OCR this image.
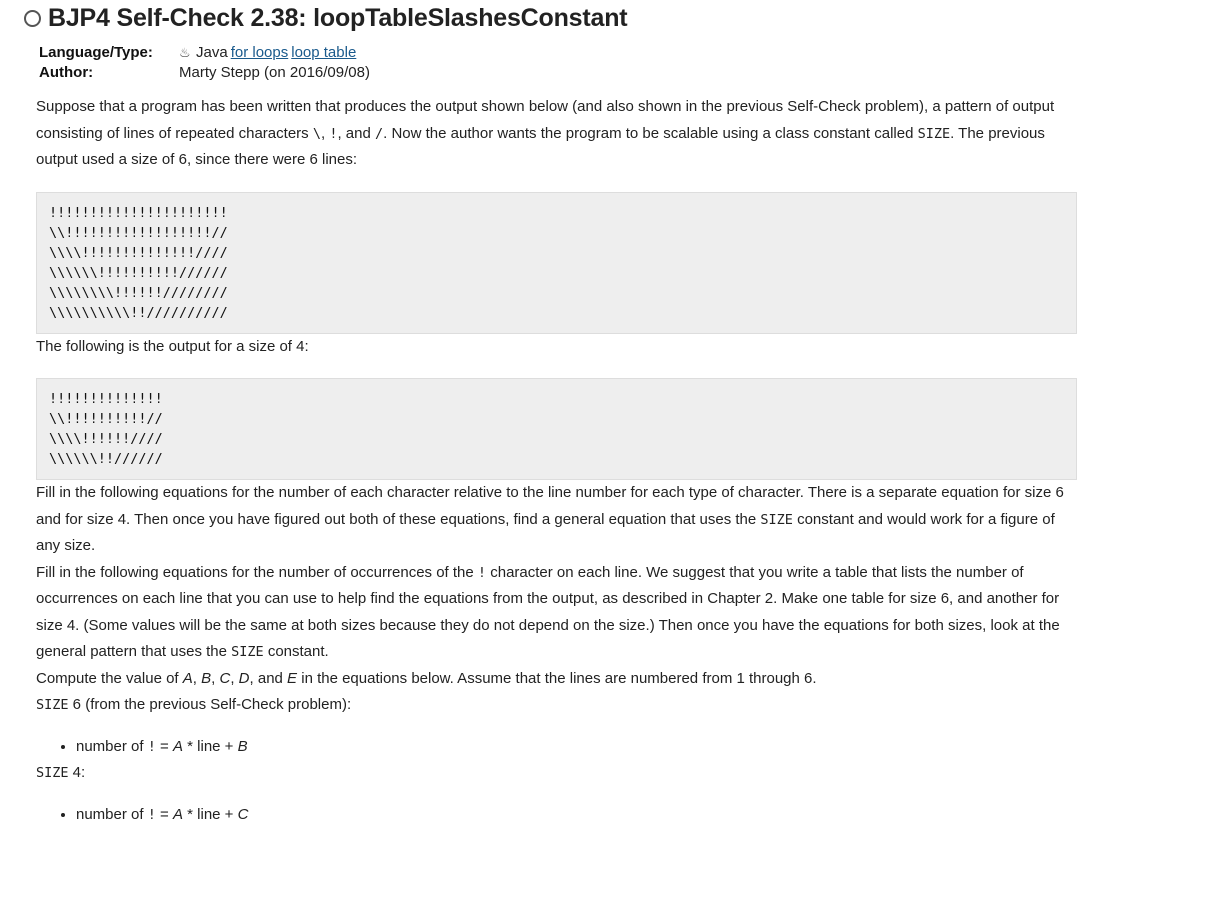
BJP4 Self-Check 2.38: loopTableSlashesConstant
Language/Type:	♨ Java for loops loop table
Author:	Marty Stepp (on 2016/09/08)

Suppose that a program has been written that produces the output shown below (and also shown in the previous Self-Check problem), a pattern of output consisting of lines of repeated characters \, !, and /. Now the author wants the program to be scalable using a class constant called SIZE. The previous output used a size of 6, since there were 6 lines:

!!!!!!!!!!!!!!!!!!!!!!
\\!!!!!!!!!!!!!!!!!!//
\\\\!!!!!!!!!!!!!!////
\\\\\\!!!!!!!!!!//////
\\\\\\\\!!!!!!////////
\\\\\\\\\\!!//////////

The following is the output for a size of 4:

!!!!!!!!!!!!!!
\\!!!!!!!!!!//
\\\\!!!!!!////
\\\\\\!!//////

Fill in the following equations for the number of each character relative to the line number for each type of character. There is a separate equation for size 6 and for size 4. Then once you have figured out both of these equations, find a general equation that uses the SIZE constant and would work for a figure of any size.

Fill in the following equations for the number of occurrences of the ! character on each line. We suggest that you write a table that lists the number of occurrences on each line that you can use to help find the equations from the output, as described in Chapter 2. Make one table for size 6, and another for size 4. (Some values will be the same at both sizes because they do not depend on the size.) Then once you have the equations for both sizes, look at the general pattern that uses the SIZE constant.

Compute the value of A, B, C, D, and E in the equations below. Assume that the lines are numbered from 1 through 6.

SIZE 6 (from the previous Self-Check problem):

• number of ! = A * line + B

SIZE 4:

• number of ! = A * line + C
